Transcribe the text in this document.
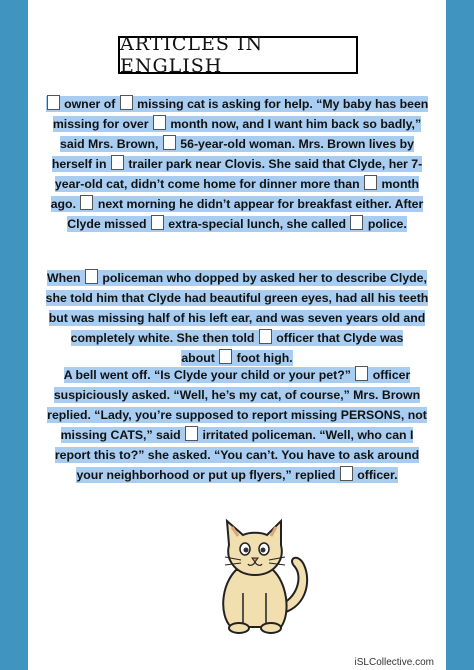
ARTICLES IN ENGLISH
owner of  missing cat is asking for help. “My baby has been
missing for over  month now, and I want him back so badly,”
said Mrs. Brown,  56-year-old woman. Mrs. Brown lives by
herself in  trailer park near Clovis. She said that Clyde, her 7-
year-old cat, didn’t come home for dinner more than  month
ago.  next morning he didn’t appear for breakfast either. After
Clyde missed  extra-special lunch, she called  police.
When  policeman who dopped by asked her to describe Clyde,
she told him that Clyde had beautiful green eyes, had all his teeth
but was missing half of his left ear, and was seven years old and
completely white. She then told  officer that Clyde was
about  foot high.
A bell went off. “Is Clyde your child or your pet?”  officer
suspiciously asked. “Well, he’s my cat, of course,” Mrs. Brown
replied. “Lady, you’re supposed to report missing PERSONS, not
missing CATS,” said  irritated policeman. “Well, who can I
report this to?” she asked. “You can’t. You have to ask around
your neighborhood or put up flyers,” replied  officer.
iSLCollective.com
